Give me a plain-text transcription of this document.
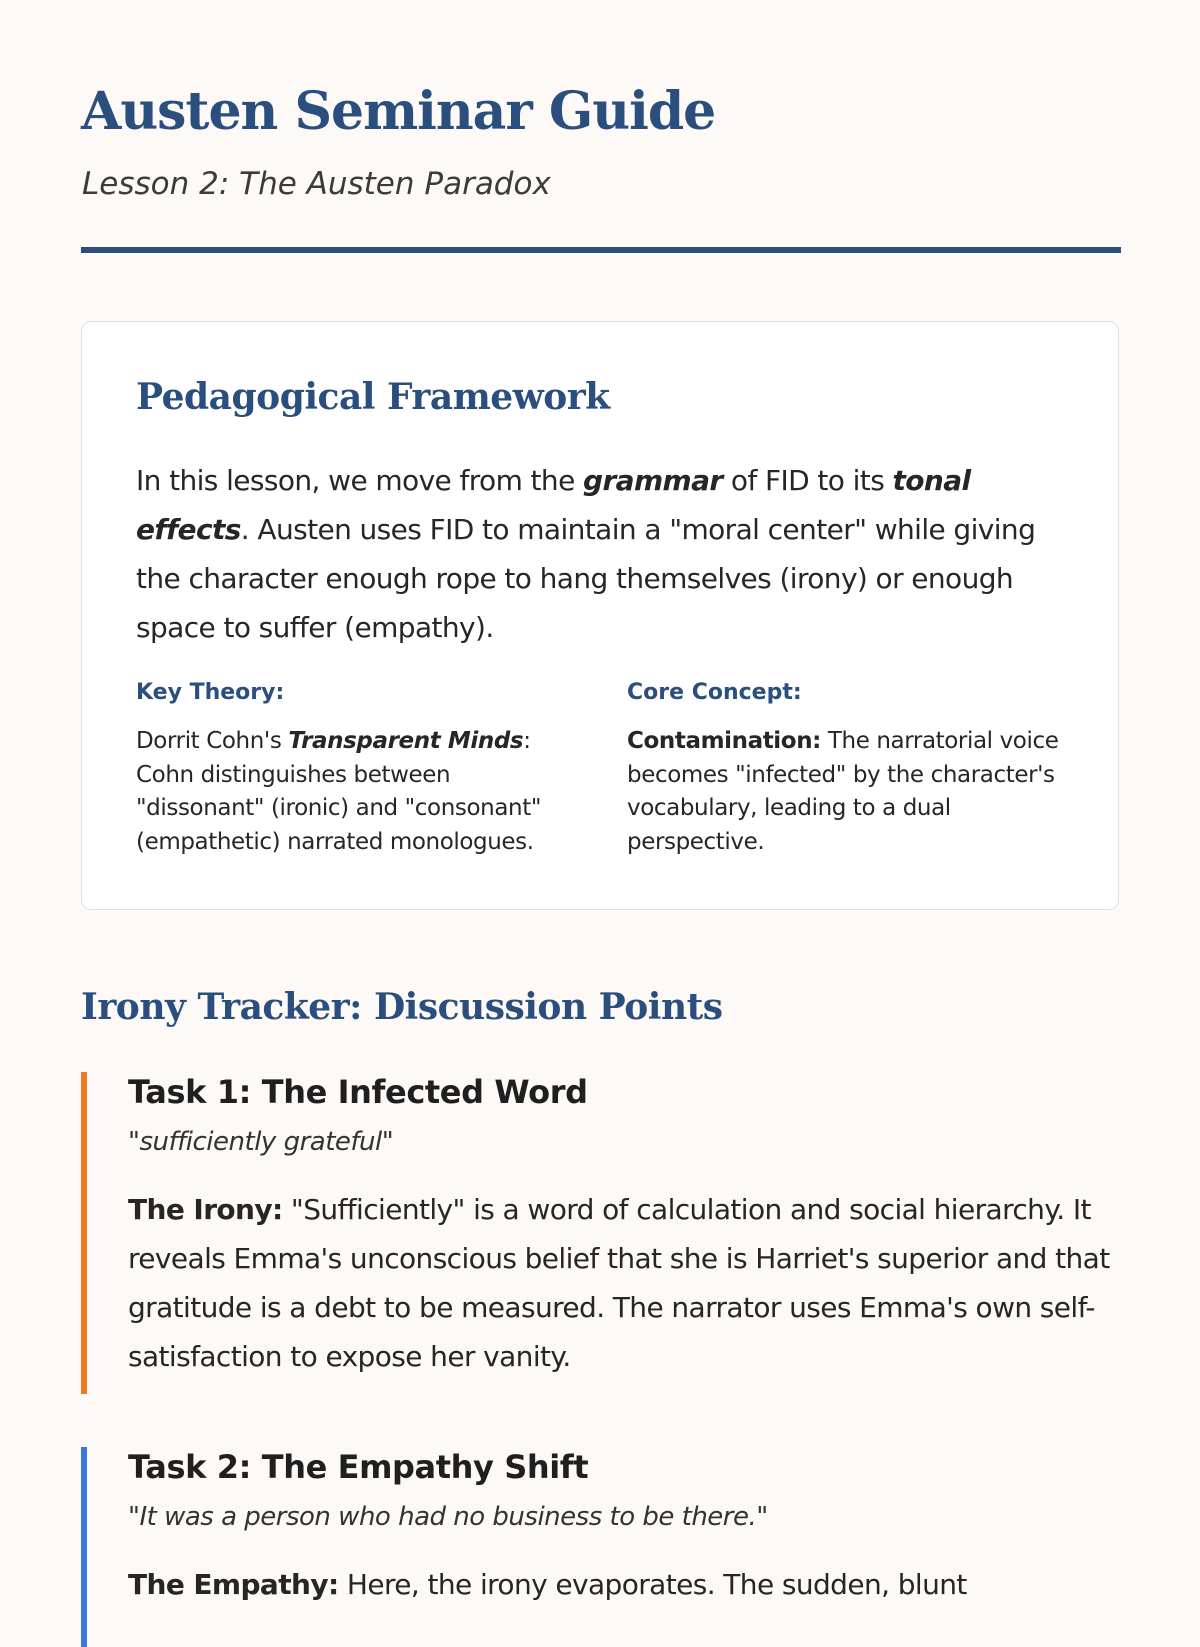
Austen Seminar Guide

Lesson 2: The Austen Paradox

Pedagogical Framework

In this lesson, we move from the grammar of FID to its tonal effects. Austen uses FID to maintain a "moral center" while giving the character enough rope to hang themselves (irony) or enough space to suffer (empathy).

Key Theory:

Dorrit Cohn's Transparent Minds: Cohn distinguishes between "dissonant" (ironic) and "consonant" (empathetic) narrated monologues.

Core Concept:

Contamination: The narratorial voice becomes "infected" by the character's vocabulary, leading to a dual perspective.

Irony Tracker: Discussion Points
Task 1: The Infected Word

"sufficiently grateful"

The Irony: "Sufficiently" is a word of calculation and social hierarchy. It reveals Emma's unconscious belief that she is Harriet's superior and that gratitude is a debt to be measured. The narrator uses Emma's own self-satisfaction to expose her vanity.

Task 2: The Empathy Shift

"It was a person who had no business to be there."

The Empathy: Here, the irony evaporates. The sudden, blunt
